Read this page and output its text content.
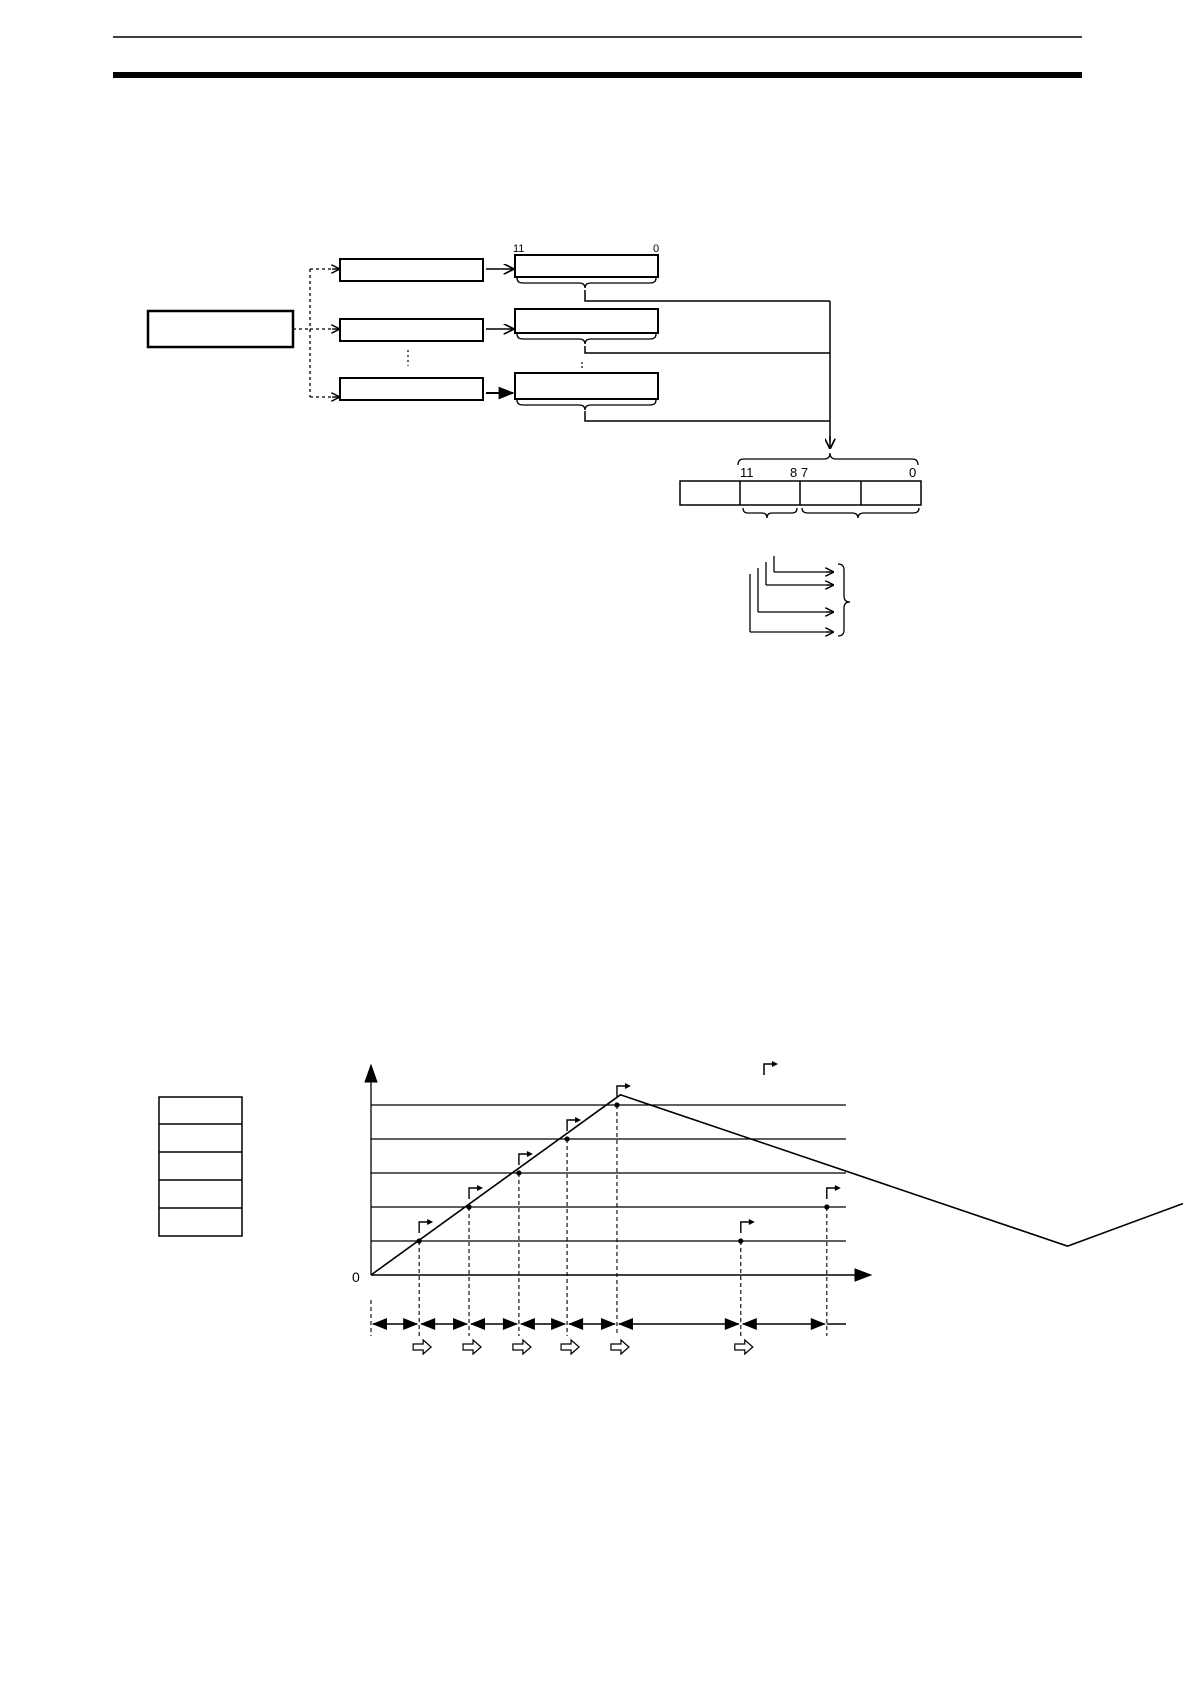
11	0
11	8 7	0
0
